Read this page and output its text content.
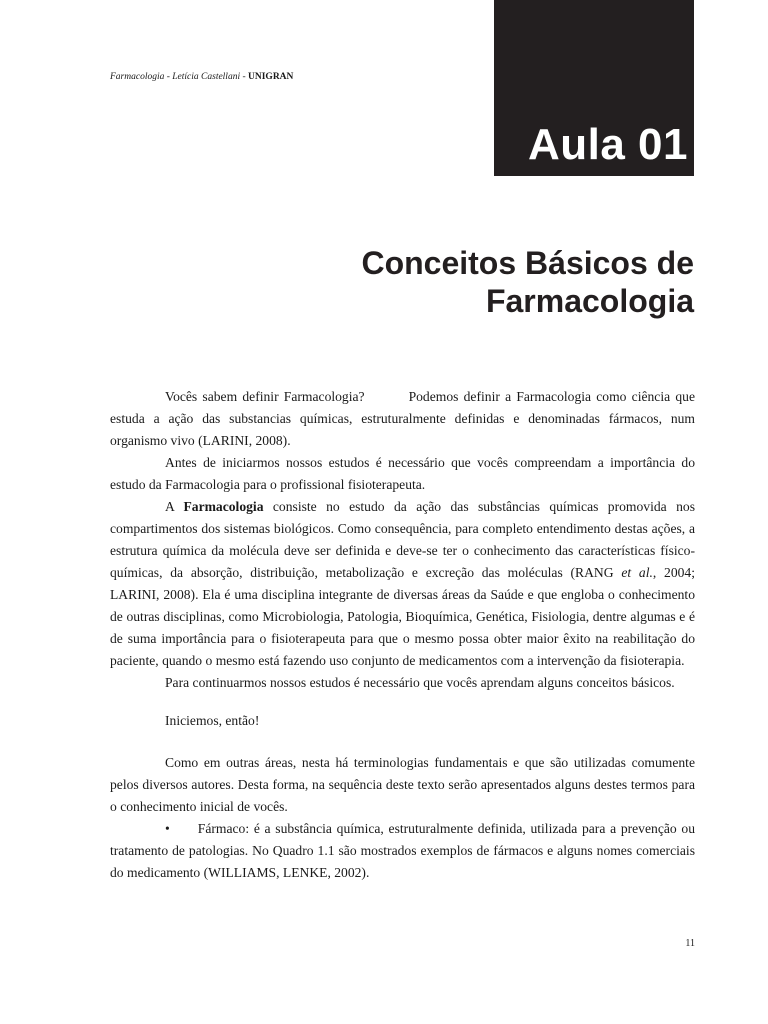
Farmacologia - Letícia Castellani - UNIGRAN
Aula 01
Conceitos Básicos de
Farmacologia

Vocês sabem definir Farmacologia?	Podemos definir a Farmacologia como ciência que estuda a ação das substancias químicas, estruturalmente definidas e denominadas fármacos, num organismo vivo (LARINI, 2008).

Antes de iniciarmos nossos estudos é necessário que vocês compreendam a importância do estudo da Farmacologia para o profissional fisioterapeuta.

A Farmacologia consiste no estudo da ação das substâncias químicas promovida nos compartimentos dos sistemas biológicos. Como consequência, para completo entendimento destas ações, a estrutura química da molécula deve ser definida e deve-se ter o conhecimento das características físico-químicas, da absorção, distribuição, metabolização e excreção das moléculas (RANG et al., 2004; LARINI, 2008). Ela é uma disciplina integrante de diversas áreas da Saúde e que engloba o conhecimento de outras disciplinas, como Microbiologia, Patologia, Bioquímica, Genética, Fisiologia, dentre algumas e é de suma importância para o fisioterapeuta para que o mesmo possa obter maior êxito na reabilitação do paciente, quando o mesmo está fazendo uso conjunto de medicamentos com a intervenção da fisioterapia.

Para continuarmos nossos estudos é necessário que vocês aprendam alguns conceitos básicos.

Iniciemos, então!

Como em outras áreas, nesta há terminologias fundamentais e que são utilizadas comumente pelos diversos autores. Desta forma, na sequência deste texto serão apresentados alguns destes termos para o conhecimento inicial de vocês.

• Fármaco: é a substância química, estruturalmente definida, utilizada para a prevenção ou tratamento de patologias. No Quadro 1.1 são mostrados exemplos de fármacos e alguns nomes comerciais do medicamento (WILLIAMS, LENKE, 2002).

11
